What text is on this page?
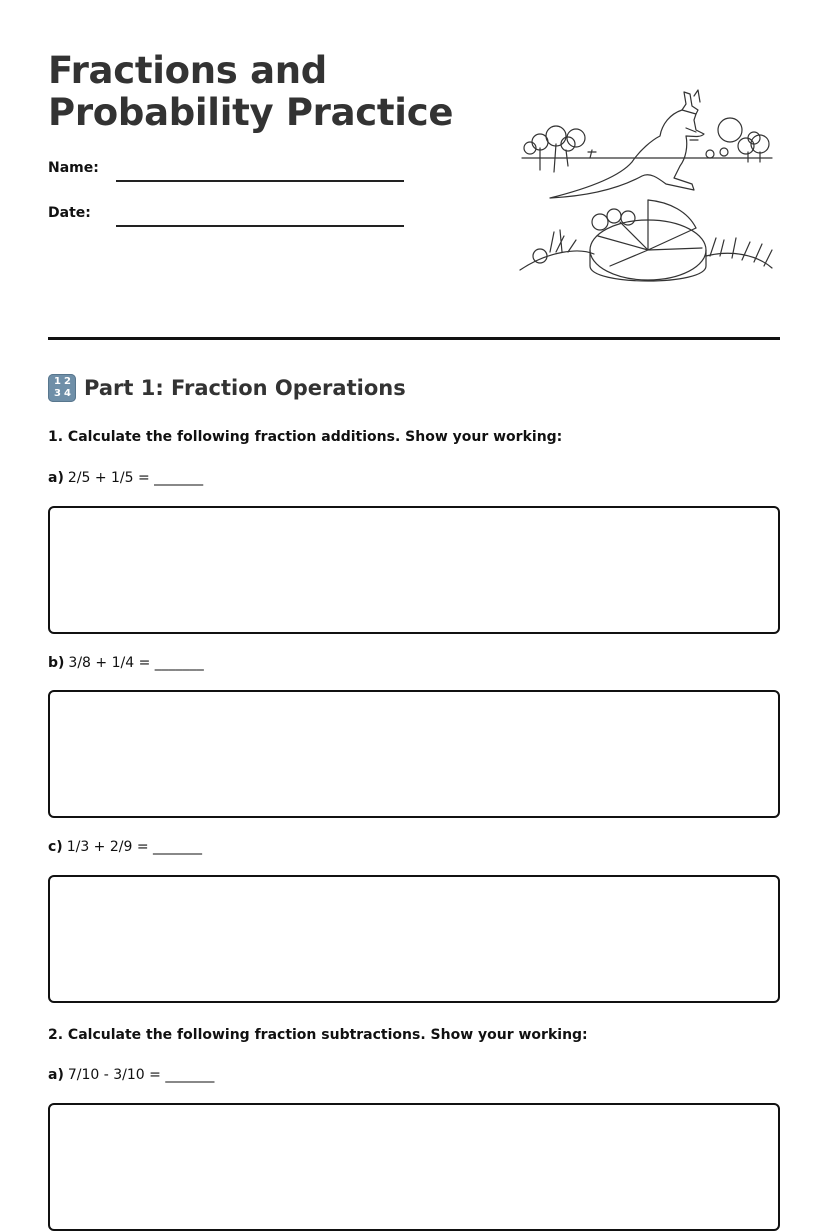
Fractions and
Probability Practice
Name:
Date:
1 2
3 4 Part 1: Fraction Operations

1. Calculate the following fraction additions. Show your working:

a) 2/5 + 1/5 = _______
b) 3/8 + 1/4 = _______
c) 1/3 + 2/9 = _______

2. Calculate the following fraction subtractions. Show your working:

a) 7/10 - 3/10 = _______
